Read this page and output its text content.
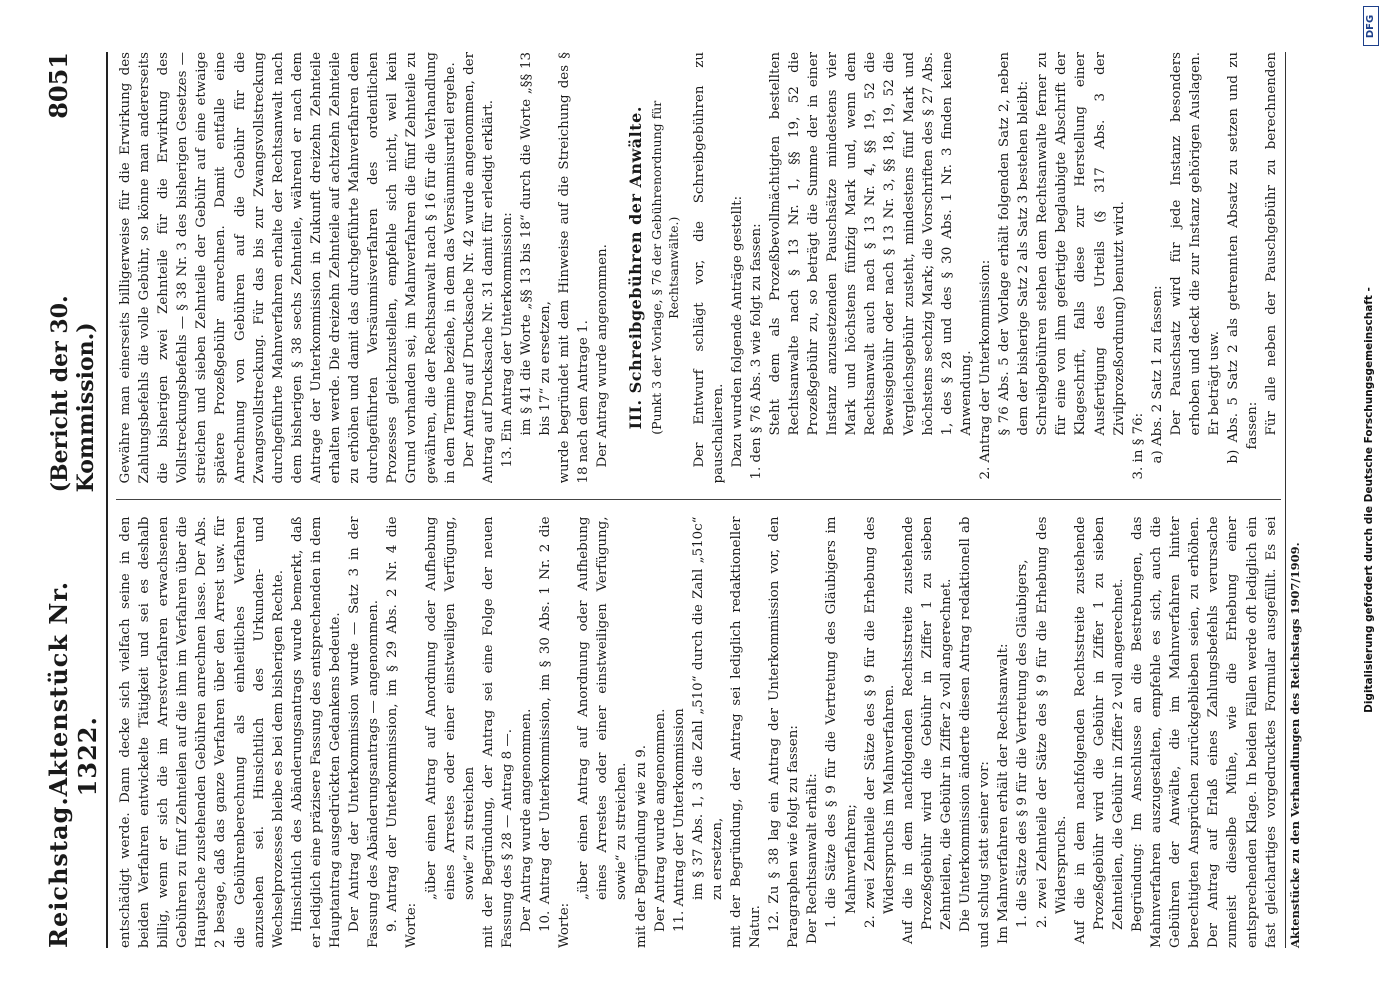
Reichstag.
Aktenstück Nr. 1322.
(Bericht der 30. Kommission.)
8051

entschädigt werde. Dann decke sich vielfach seine in den beiden Verfahren entwickelte Tätigkeit und sei es deshalb billig, wenn er sich die im Arrestverfahren erwachsenen Gebühren zu fünf Zehnteilen auf die ihm im Verfahren über die Hauptsache zustehenden Gebühren anrechnen lasse. Der Abs. 2 besage, daß das ganze Verfahren über den Arrest usw. für die Gebührenberechnung als einheitliches Verfahren anzusehen sei. Hinsichtlich des Urkunden- und Wechselprozesses bleibe es bei dem bisherigen Rechte. Hinsichtlich des Abänderungsantrags wurde bemerkt, daß er lediglich eine präzisere Fassung des entsprechenden in dem Hauptantrag ausgedrückten Gedankens bedeute. Der Antrag der Unterkommission wurde — Satz 3 in der Fassung des Abänderungsantrags — angenommen. 9. Antrag der Unterkommission, im § 29 Abs. 2 Nr. 4 die Worte:

„über einen Antrag auf Anordnung oder Aufhebung eines Arrestes oder einer einstweiligen Verfügung, sowie“ zu streichen mit der Begründung, der Antrag sei eine Folge der neuen Fassung des § 28 — Antrag 8 —. Der Antrag wurde angenommen. 10. Antrag der Unterkommission, im § 30 Abs. 1 Nr. 2 die Worte:

„über einen Antrag auf Anordnung oder Aufhebung eines Arrestes oder einer einstweiligen Verfügung, sowie“ zu streichen. mit der Begründung wie zu 9. Der Antrag wurde angenommen. 11. Antrag der Unterkommission im § 37 Abs. 1, 3 die Zahl „510“ durch die Zahl „510c“ zu ersetzen, mit der Begründung, der Antrag sei lediglich redaktioneller Natur. 12. Zu § 38 lag ein Antrag der Unterkommission vor, den Paragraphen wie folgt zu fassen: Der Rechtsanwalt erhält: 1. die Sätze des § 9 für die Vertretung des Gläubigers im Mahnverfahren; 2. zwei Zehnteile der Sätze des § 9 für die Erhebung des Widerspruchs im Mahnverfahren. Auf die in dem nachfolgenden Rechtsstreite zustehende Prozeßgebühr wird die Gebühr in Ziffer 1 zu sieben Zehnteilen, die Gebühr in Ziffer 2 voll angerechnet. Die Unterkommission änderte diesen Antrag redaktionell ab und schlug statt seiner vor: Im Mahnverfahren erhält der Rechtsanwalt: 1. die Sätze des § 9 für die Vertretung des Gläubigers, 2. zwei Zehnteile der Sätze des § 9 für die Erhebung des Widerspruchs. Auf die in dem nachfolgenden Rechtsstreite zustehende Prozeßgebühr wird die Gebühr in Ziffer 1 zu sieben Zehnteilen, die Gebühr in Ziffer 2 voll angerechnet. Begründung: Im Anschlusse an die Bestrebungen, das Mahnverfahren auszugestalten, empfehle es sich, auch die Gebühren der Anwälte, die im Mahnverfahren hinter berechtigten Ansprüchen zurückgeblieben seien, zu erhöhen. Der Antrag auf Erlaß eines Zahlungsbefehls verursache zumeist dieselbe Mühe, wie die Erhebung einer entsprechenden Klage. In beiden Fällen werde oft lediglich ein fast gleichartiges vorgedrucktes Formular ausgefüllt. Es sei

Gewähre man einerseits billigerweise für die Erwirkung des Zahlungsbefehls die volle Gebühr, so könne man andererseits die bisherigen zwei Zehnteile für die Erwirkung des Vollstreckungsbefehls — § 38 Nr. 3 des bisherigen Gesetzes — streichen und sieben Zehnteile der Gebühr auf eine etwaige spätere Prozeßgebühr anrechnen. Damit entfalle eine Anrechnung von Gebühren auf die Gebühr für die Zwangsvollstreckung. Für das bis zur Zwangsvollstreckung durchgeführte Mahnverfahren erhalte der Rechtsanwalt nach dem bisherigen § 38 sechs Zehnteile, während er nach dem Antrage der Unterkommission in Zukunft dreizehn Zehnteile erhalten werde. Die dreizehn Zehnteile auf achtzehn Zehnteile zu erhöhen und damit das durchgeführte Mahnverfahren dem durchgeführten Versäumnisverfahren des ordentlichen Prozesses gleichzustellen, empfehle sich nicht, weil kein Grund vorhanden sei, im Mahnverfahren die fünf Zehnteile zu gewähren, die der Rechtsanwalt nach § 16 für die Verhandlung in dem Termine beziehe, in dem das Versäumnisurteil ergehe. Der Antrag auf Drucksache Nr. 42 wurde angenommen, der Antrag auf Drucksache Nr. 31 damit für erledigt erklärt. 13. Ein Antrag der Unterkommission: im § 41 die Worte „§§ 13 bis 18“ durch die Worte „§§ 13 bis 17“ zu ersetzen, wurde begründet mit dem Hinweise auf die Streichung des § 18 nach dem Antrage 1. Der Antrag wurde angenommen. III. Schreibgebühren der Anwälte. (Punkt 3 der Vorlage, § 76 der Gebührenordnung für Rechtsanwälte.) Der Entwurf schlägt vor, die Schreibgebühren zu pauschalieren. Dazu wurden folgende Anträge gestellt: 1. den § 76 Abs. 3 wie folgt zu fassen: Steht dem als Prozeßbevollmächtigten bestellten Rechtsanwalte nach § 13 Nr. 1, §§ 19, 52 die Prozeßgebühr zu, so beträgt die Summe der in einer Instanz anzusetzenden Pauschsätze mindestens vier Mark und höchstens fünfzig Mark und, wenn dem Rechtsanwalt auch nach § 13 Nr. 4, §§ 19, 52 die Beweisgebühr oder nach § 13 Nr. 3, §§ 18, 19, 52 die Vergleichsgebühr zusteht, mindestens fünf Mark und höchstens sechzig Mark; die Vorschriften des § 27 Abs. 1, des § 28 und des § 30 Abs. 1 Nr. 3 finden keine Anwendung. 2. Antrag der Unterkommission: § 76 Abs. 5 der Vorlage erhält folgenden Satz 2, neben dem der bisherige Satz 2 als Satz 3 bestehen bleibt: Schreibgebühren stehen dem Rechtsanwalte ferner zu für eine von ihm gefertigte beglaubigte Abschrift der Klageschrift, falls diese zur Herstellung einer Ausfertigung des Urteils (§ 317 Abs. 3 der Zivilprozeßordnung) benutzt wird.

3. in § 76: a) Abs. 2 Satz 1 zu fassen: Der Pauschsatz wird für jede Instanz besonders erhoben und deckt die zur Instanz gehörigen Auslagen. Er beträgt usw. b) Abs. 5 Satz 2 als getrennten Absatz zu setzen und zu fassen: Für alle neben der Pauschgebühr zu berechnenden

Aktenstücke zu den Verhandlungen des Reichstags 1907/1909.
Digitalisierung gefördert durch die Deutsche Forschungsgemeinschaft -
DFG
